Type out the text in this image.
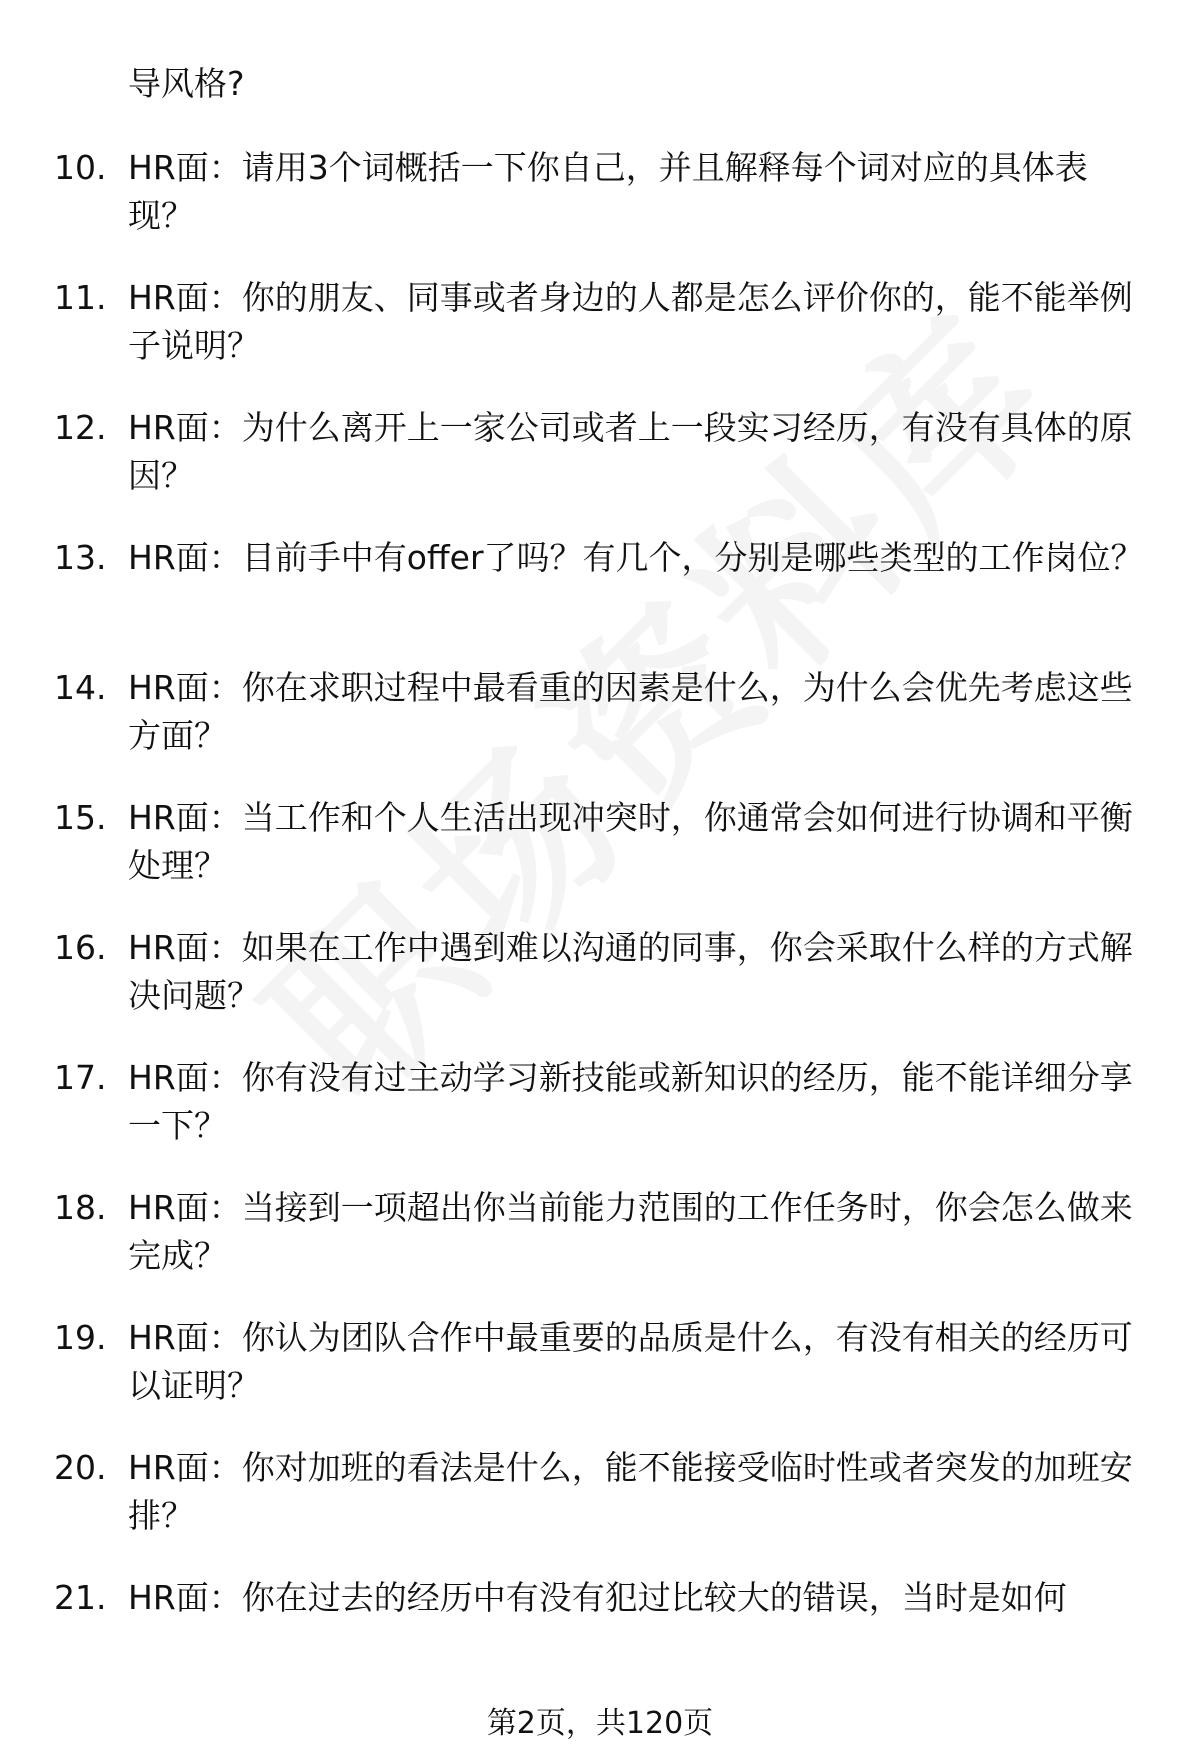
导风格?
10. HR面：请用3个词概括一下你自己，并且解释每个词对应的具体表现？
11. HR面：你的朋友、同事或者身边的人都是怎么评价你的，能不能举例子说明？
12. HR面：为什么离开上一家公司或者上一段实习经历，有没有具体的原因？
13. HR面：目前手中有offer了吗？有几个，分别是哪些类型的工作岗位？
14. HR面：你在求职过程中最看重的因素是什么，为什么会优先考虑这些方面？
15. HR面：当工作和个人生活出现冲突时，你通常会如何进行协调和平衡处理？
16. HR面：如果在工作中遇到难以沟通的同事，你会采取什么样的方式解决问题？
17. HR面：你有没有过主动学习新技能或新知识的经历，能不能详细分享一下？
18. HR面：当接到一项超出你当前能力范围的工作任务时，你会怎么做来完成？
19. HR面：你认为团队合作中最重要的品质是什么，有没有相关的经历可以证明？
20. HR面：你对加班的看法是什么，能不能接受临时性或者突发的加班安排？
21. HR面：你在过去的经历中有没有犯过比较大的错误，当时是如何
第2页，共120页
